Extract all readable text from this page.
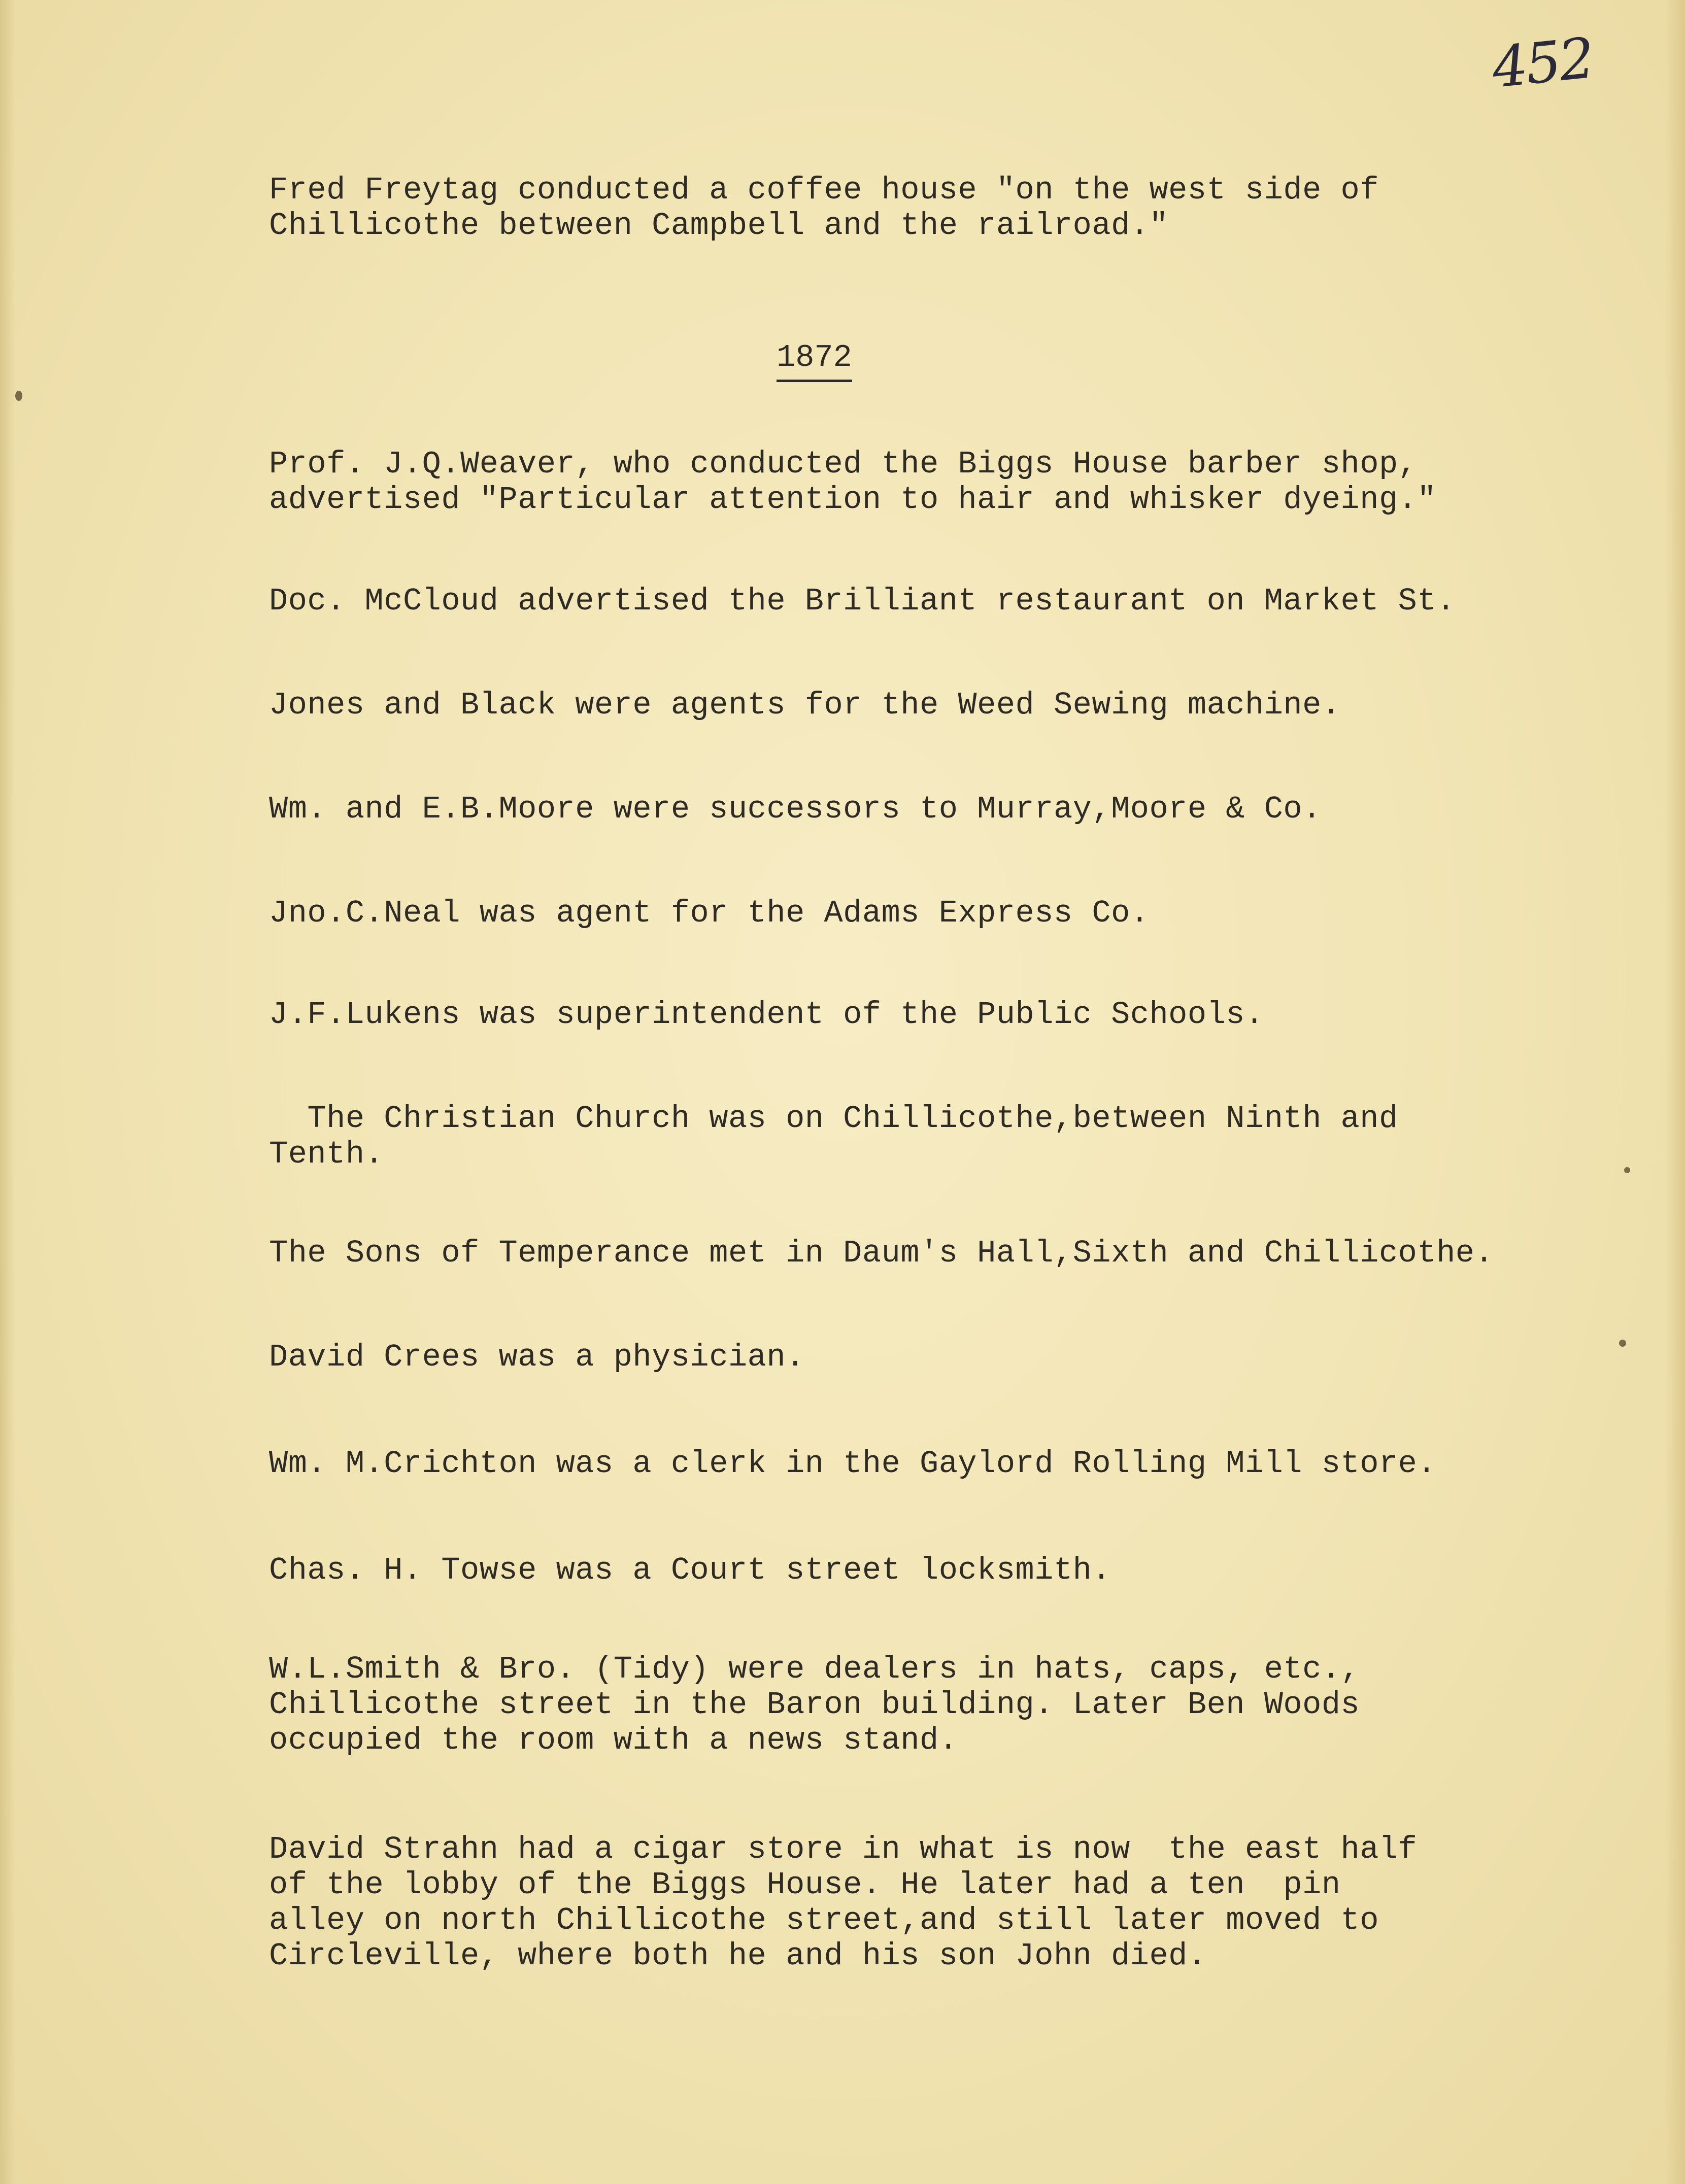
452

Fred Freytag conducted a coffee house "on the west side of
Chillicothe between Campbell and the railroad."

1872

Prof. J.Q.Weaver, who conducted the Biggs House barber shop,
advertised "Particular attention to hair and whisker dyeing."

Doc. McCloud advertised the Brilliant restaurant on Market St.

Jones and Black were agents for the Weed Sewing machine.

Wm. and E.B.Moore were successors to Murray,Moore & Co.

Jno.C.Neal was agent for the Adams Express Co.

J.F.Lukens was superintendent of the Public Schools.

The Christian Church was on Chillicothe,between Ninth and
Tenth.

The Sons of Temperance met in Daum's Hall,Sixth and Chillicothe.

David Crees was a physician.

Wm. M.Crichton was a clerk in the Gaylord Rolling Mill store.

Chas. H. Towse was a Court street locksmith.

W.L.Smith & Bro. (Tidy) were dealers in hats, caps, etc.,
Chillicothe street in the Baron building. Later Ben Woods
occupied the room with a news stand.

David Strahn had a cigar store in what is now  the east half
of the lobby of the Biggs House. He later had a ten  pin
alley on north Chillicothe street,and still later moved to
Circleville, where both he and his son John died.
